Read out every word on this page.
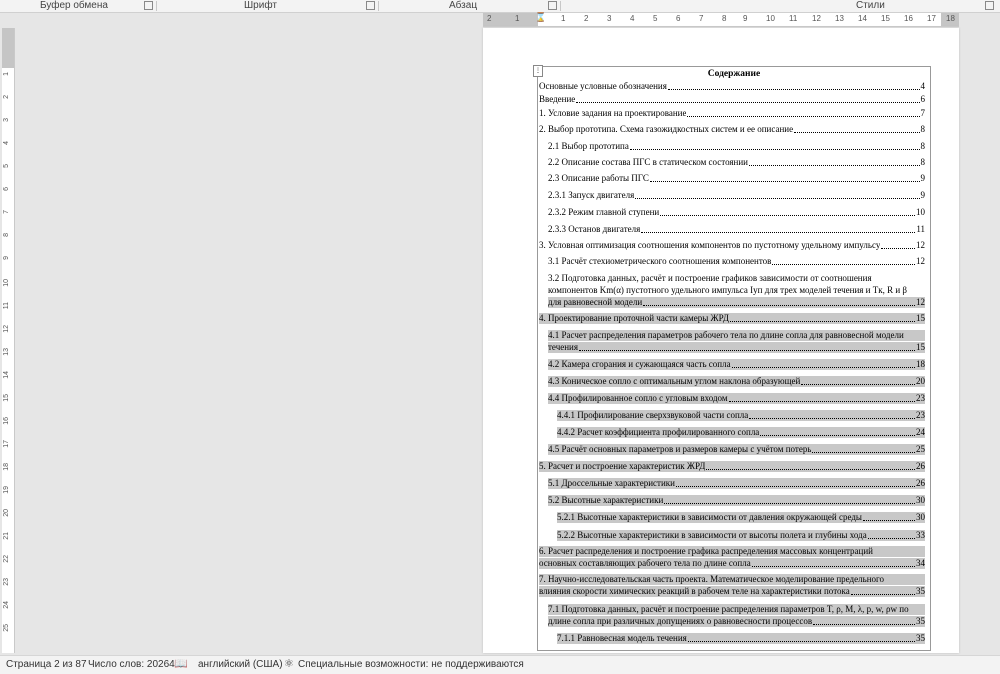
Буфер обмена	Шрифт	Абзац	Стили
2	1 ⌛ 1 2 3 4 5 6 7 8 9 10 11 12 13 14 15 16 17 18
1
2
3
4
5
6
7
8
9
10
11
12
13
14
15
16
17
18
19
20
21
22
23
24
25
⋮	Содержание
Основные условные обозначения	4
Введение	6
1. Условие задания на проектирование	7
2. Выбор прототипа. Схема газожидкостных систем и ее описание	8
2.1 Выбор прототипа	8
2.2 Описание состава ПГС в статическом состоянии	8
2.3 Описание работы ПГС	9
2.3.1 Запуск двигателя	9
2.3.2 Режим главной ступени	10
2.3.3 Останов двигателя	11
3. Условная оптимизация соотношения компонентов по пустотному удельному импульсу	12
3.1 Расчёт стехиометрического соотношения компонентов	12
3.2 Подготовка данных, расчёт и построение графиков зависимости от соотношения
компонентов Km(α) пустотного удельного импульса Iуп для трех моделей течения и Tк, R и β
для равновесной модели	12
4. Проектирование проточной части камеры ЖРД	15
4.1 Расчет распределения параметров рабочего тела по длине сопла для равновесной модели
течения	15
4.2 Камера сгорания и сужающаяся часть сопла	18
4.3 Коническое сопло с оптимальным углом наклона образующей	20
4.4 Профилированное сопло с угловым входом	23
4.4.1 Профилирование сверхзвуковой части сопла	23
4.4.2 Расчет коэффициента профилированного сопла	24
4.5 Расчёт основных параметров и размеров камеры с учётом потерь	25
5. Расчет и построение характеристик ЖРД	26
5.1 Дроссельные характеристики	26
5.2 Высотные характеристики	30
5.2.1 Высотные характеристики в зависимости от давления окружающей среды	30
5.2.2 Высотные характеристики в зависимости от высоты полета и глубины хода	33
6. Расчет распределения и построение графика распределения массовых концентраций
основных составляющих рабочего тела по длине сопла	34
7. Научно-исследовательская часть проекта. Математическое моделирование предельного
влияния скорости химических реакций в рабочем теле на характеристики потока	35
7.1 Подготовка данных, расчёт и построение распределения параметров T, ρ, M, λ, p, w, ρw по
длине сопла при различных допущениях о равновесности процессов	35
7.1.1 Равновесная модель течения	35
Страница 2 из 87 Число слов: 20264 📖 английский (США) ⚛ Специальные возможности: не поддерживаются
